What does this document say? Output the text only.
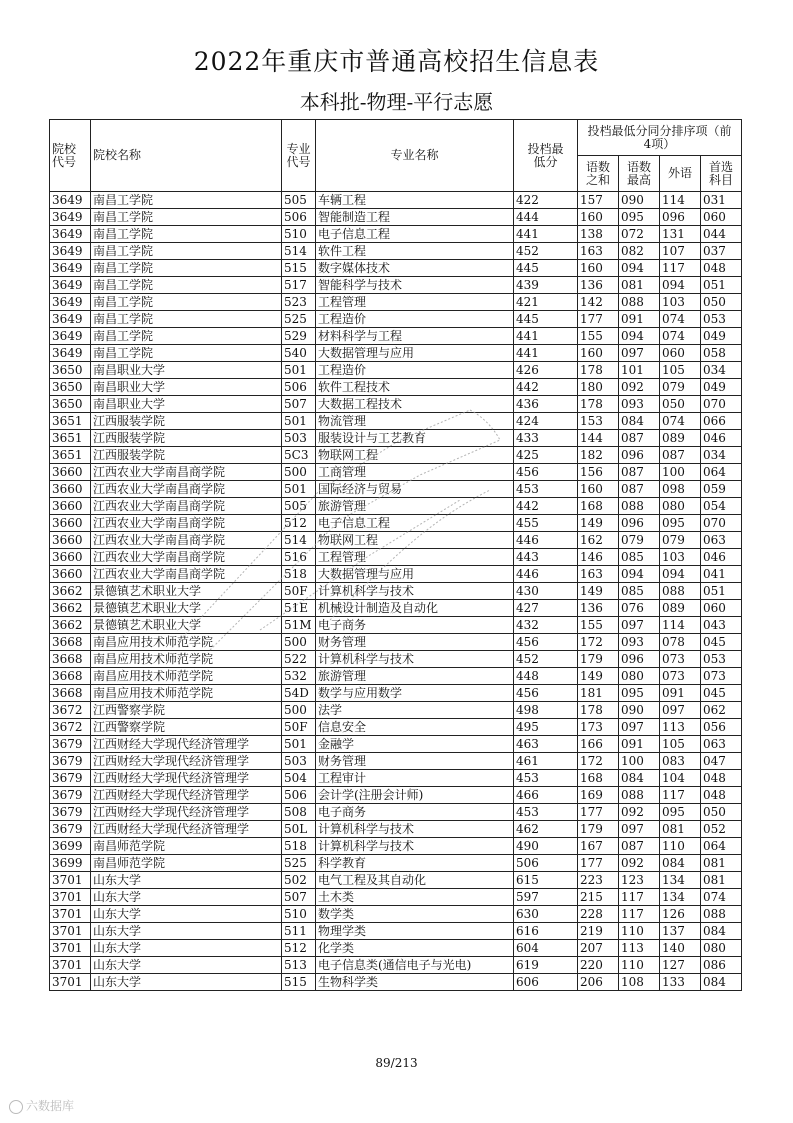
2022年重庆市普通高校招生信息表
本科批-物理-平行志愿
院校代号	院校名称	专业代号	专业名称	投档最低分	投档最低分同分排序项（前4项）			

					语数之和	语数最高	外语	首选科目

3649	南昌工学院	505	车辆工程	422	157	090	114	031
3649	南昌工学院	506	智能制造工程	444	160	095	096	060
3649	南昌工学院	510	电子信息工程	441	138	072	131	044
3649	南昌工学院	514	软件工程	452	163	082	107	037
3649	南昌工学院	515	数字媒体技术	445	160	094	117	048
3649	南昌工学院	517	智能科学与技术	439	136	081	094	051
3649	南昌工学院	523	工程管理	421	142	088	103	050
3649	南昌工学院	525	工程造价	445	177	091	074	053
3649	南昌工学院	529	材料科学与工程	441	155	094	074	049
3649	南昌工学院	540	大数据管理与应用	441	160	097	060	058
3650	南昌职业大学	501	工程造价	426	178	101	105	034
3650	南昌职业大学	506	软件工程技术	442	180	092	079	049
3650	南昌职业大学	507	大数据工程技术	436	178	093	050	070
3651	江西服装学院	501	物流管理	424	153	084	074	066
3651	江西服装学院	503	服装设计与工艺教育	433	144	087	089	046
3651	江西服装学院	5C3	物联网工程	425	182	096	087	034
3660	江西农业大学南昌商学院	500	工商管理	456	156	087	100	064
3660	江西农业大学南昌商学院	501	国际经济与贸易	453	160	087	098	059
3660	江西农业大学南昌商学院	505	旅游管理	442	168	088	080	054
3660	江西农业大学南昌商学院	512	电子信息工程	455	149	096	095	070
3660	江西农业大学南昌商学院	514	物联网工程	446	162	079	079	063
3660	江西农业大学南昌商学院	516	工程管理	443	146	085	103	046
3660	江西农业大学南昌商学院	518	大数据管理与应用	446	163	094	094	041
3662	景德镇艺术职业大学	50F	计算机科学与技术	430	149	085	088	051
3662	景德镇艺术职业大学	51E	机械设计制造及自动化	427	136	076	089	060
3662	景德镇艺术职业大学	51M	电子商务	432	155	097	114	043
3668	南昌应用技术师范学院	500	财务管理	456	172	093	078	045
3668	南昌应用技术师范学院	522	计算机科学与技术	452	179	096	073	053
3668	南昌应用技术师范学院	532	旅游管理	448	149	080	073	073
3668	南昌应用技术师范学院	54D	数学与应用数学	456	181	095	091	045
3672	江西警察学院	500	法学	498	178	090	097	062
3672	江西警察学院	50F	信息安全	495	173	097	113	056
3679	江西财经大学现代经济管理学	501	金融学	463	166	091	105	063
3679	江西财经大学现代经济管理学	503	财务管理	461	172	100	083	047
3679	江西财经大学现代经济管理学	504	工程审计	453	168	084	104	048
3679	江西财经大学现代经济管理学	506	会计学(注册会计师)	466	169	088	117	048
3679	江西财经大学现代经济管理学	508	电子商务	453	177	092	095	050
3679	江西财经大学现代经济管理学	50L	计算机科学与技术	462	179	097	081	052
3699	南昌师范学院	518	计算机科学与技术	490	167	087	110	064
3699	南昌师范学院	525	科学教育	506	177	092	084	081
3701	山东大学	502	电气工程及其自动化	615	223	123	134	081
3701	山东大学	507	土木类	597	215	117	134	074
3701	山东大学	510	数学类	630	228	117	126	088
3701	山东大学	511	物理学类	616	219	110	137	084
3701	山东大学	512	化学类	604	207	113	140	080
3701	山东大学	513	电子信息类(通信电子与光电)	619	220	110	127	086
3701	山东大学	515	生物科学类	606	206	108	133	084
89/213
六数据库
